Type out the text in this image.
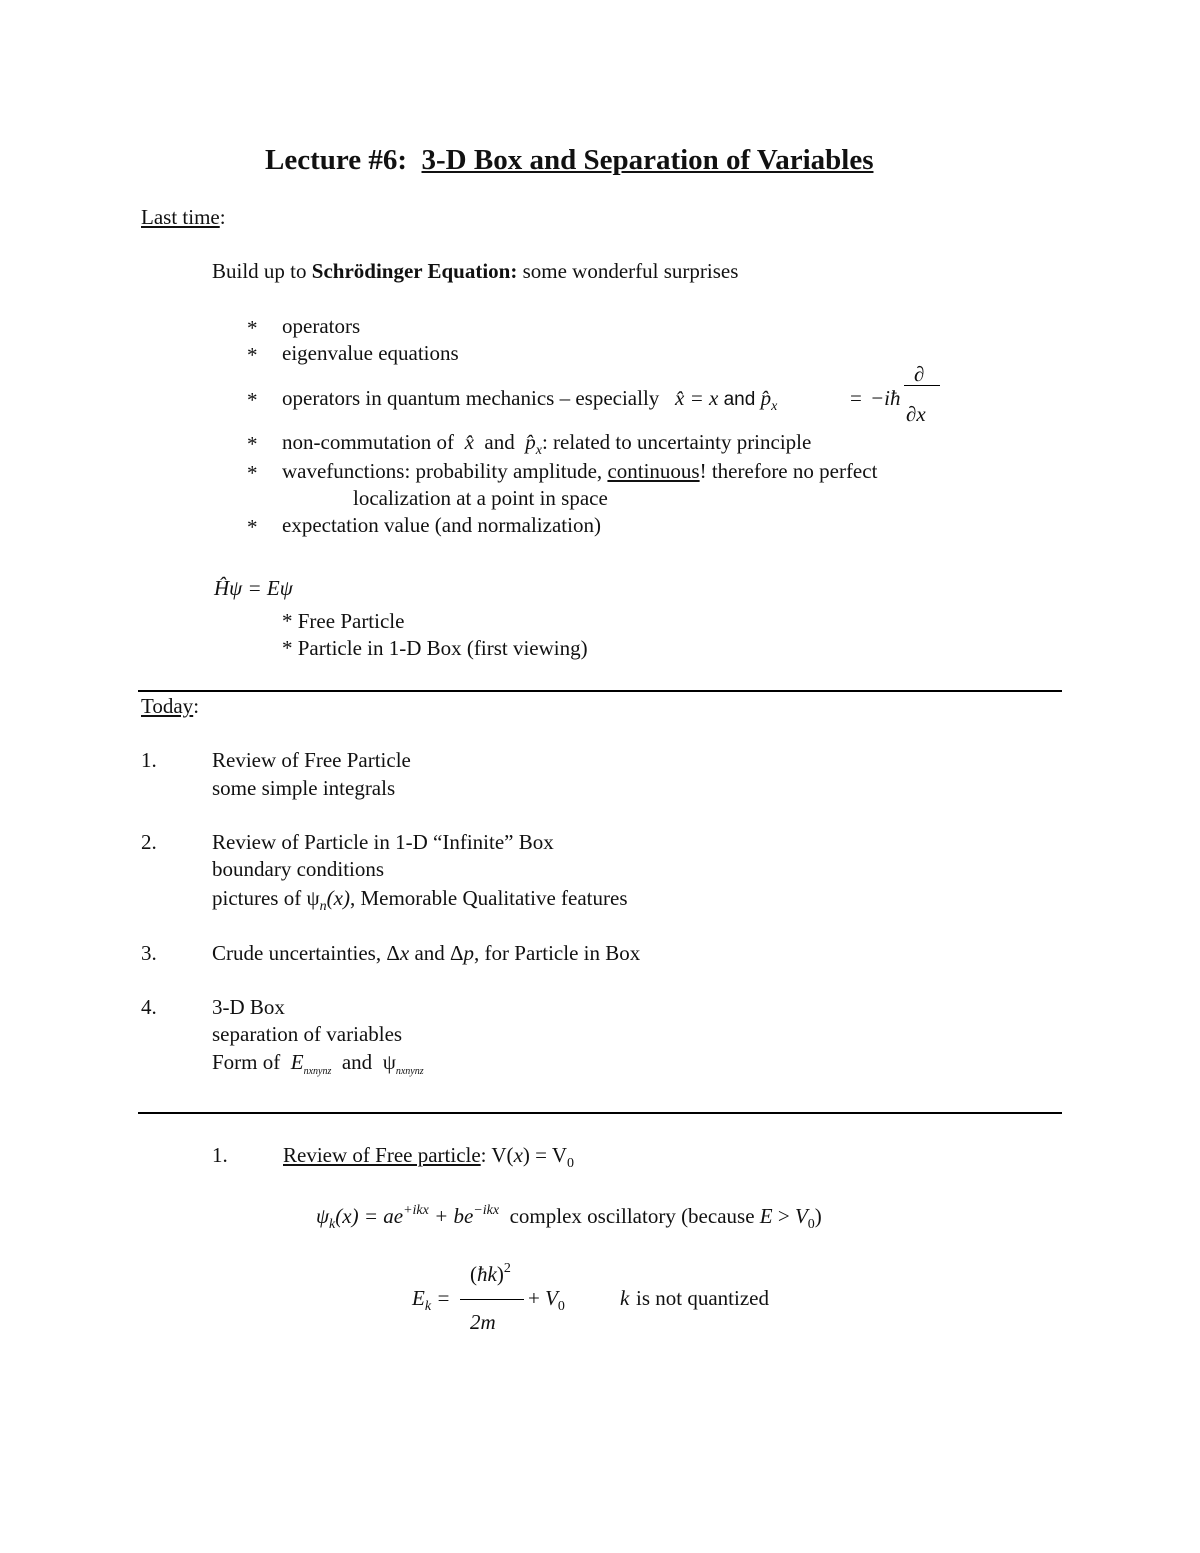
Lecture #6: 3-D Box and Separation of Variables
Last time:
Build up to Schrödinger Equation: some wonderful surprises
* operators
* eigenvalue equations
* operators in quantum mechanics – especially x̂ = x and $p̂_x$	= −iħ
∂
∂x
* non-commutation of x̂ and $p̂_x$: related to uncertainty principle
* wavefunctions: probability amplitude, continuous! therefore no perfect
localization at a point in space
* expectation value (and normalization)
Ĥψ = Eψ
* Free Particle
* Particle in 1-D Box (first viewing)
Today:
1.	Review of Free Particle
some simple integrals
2.	Review of Particle in 1-D “Infinite” Box
boundary conditions
pictures of $\psi_n(x)$, Memorable Qualitative features
3.	Crude uncertainties, Δx and Δp, for Particle in Box
4.	3-D Box
separation of variables
Form of $E_{nxnynz}$ and $\psi_{nxnynz}$
1.	Review of Free particle: $V(x) = V_0$
$\psi_k(x) = ae^{+ikx} + be^{-ikx}$  complex oscillatory (because $E > V_0$)
$E_k$ =
(ħk)$^2$
2m
+ $V_0$	k is not quantized
